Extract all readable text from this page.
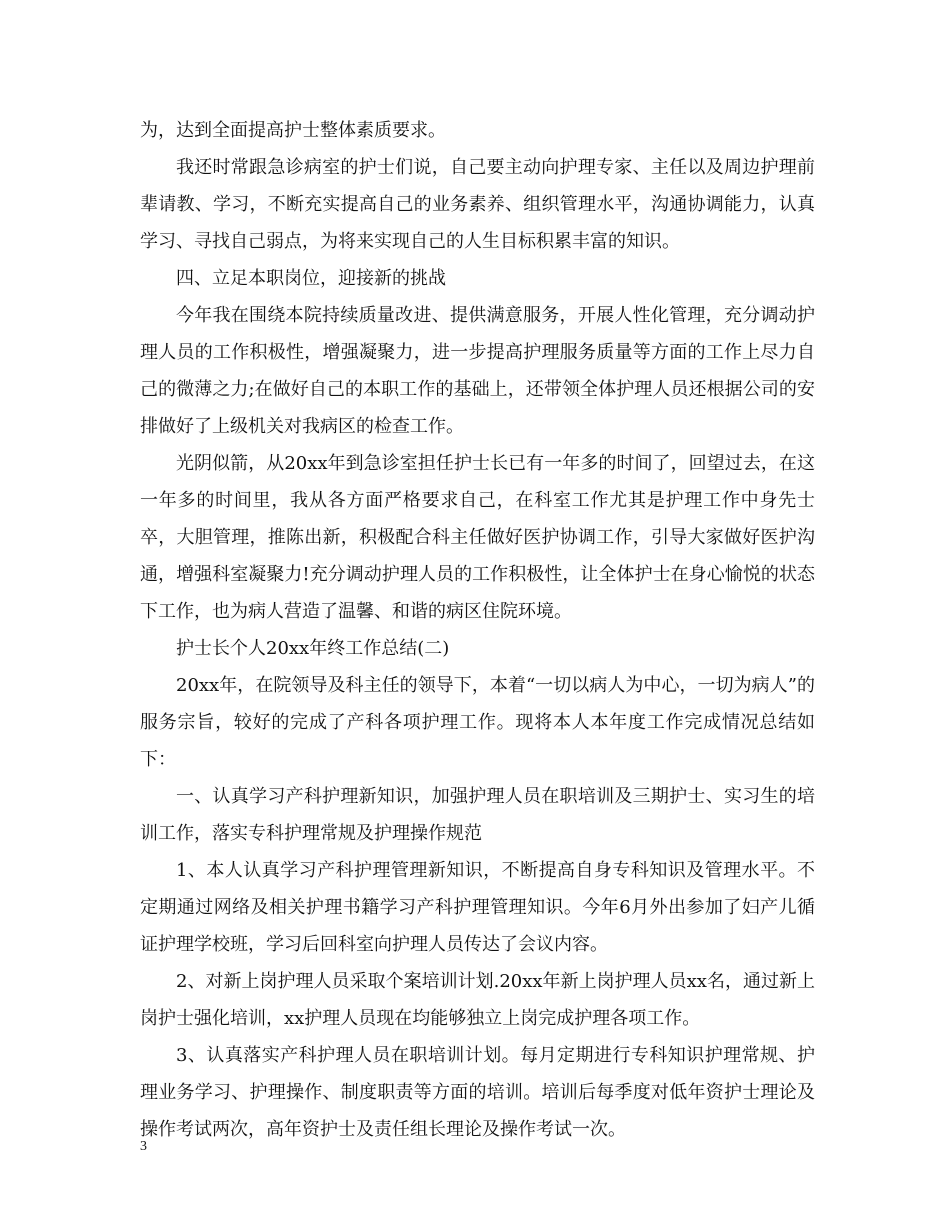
为，达到全面提高护士整体素质要求。

我还时常跟急诊病室的护士们说，自己要主动向护理专家、主任以及周边护理前辈请教、学习，不断充实提高自己的业务素养、组织管理水平，沟通协调能力，认真学习、寻找自己弱点，为将来实现自己的人生目标积累丰富的知识。

四、立足本职岗位，迎接新的挑战

今年我在围绕本院持续质量改进、提供满意服务，开展人性化管理，充分调动护理人员的工作积极性，增强凝聚力，进一步提高护理服务质量等方面的工作上尽力自己的微薄之力;在做好自己的本职工作的基础上，还带领全体护理人员还根据公司的安排做好了上级机关对我病区的检查工作。

光阴似箭，从20xx年到急诊室担任护士长已有一年多的时间了，回望过去，在这一年多的时间里，我从各方面严格要求自己，在科室工作尤其是护理工作中身先士卒，大胆管理，推陈出新，积极配合科主任做好医护协调工作，引导大家做好医护沟通，增强科室凝聚力!充分调动护理人员的工作积极性，让全体护士在身心愉悦的状态下工作，也为病人营造了温馨、和谐的病区住院环境。

护士长个人20xx年终工作总结(二)

20xx年，在院领导及科主任的领导下，本着“一切以病人为中心，一切为病人”的服务宗旨，较好的完成了产科各项护理工作。现将本人本年度工作完成情况总结如下：

一、认真学习产科护理新知识，加强护理人员在职培训及三期护士、实习生的培训工作，落实专科护理常规及护理操作规范

1、本人认真学习产科护理管理新知识，不断提高自身专科知识及管理水平。不定期通过网络及相关护理书籍学习产科护理管理知识。今年6月外出参加了妇产儿循证护理学校班，学习后回科室向护理人员传达了会议内容。

2、对新上岗护理人员采取个案培训计划.20xx年新上岗护理人员xx名，通过新上岗护士强化培训，xx护理人员现在均能够独立上岗完成护理各项工作。

3、认真落实产科护理人员在职培训计划。每月定期进行专科知识护理常规、护理业务学习、护理操作、制度职责等方面的培训。培训后每季度对低年资护士理论及操作考试两次，高年资护士及责任组长理论及操作考试一次。

3
